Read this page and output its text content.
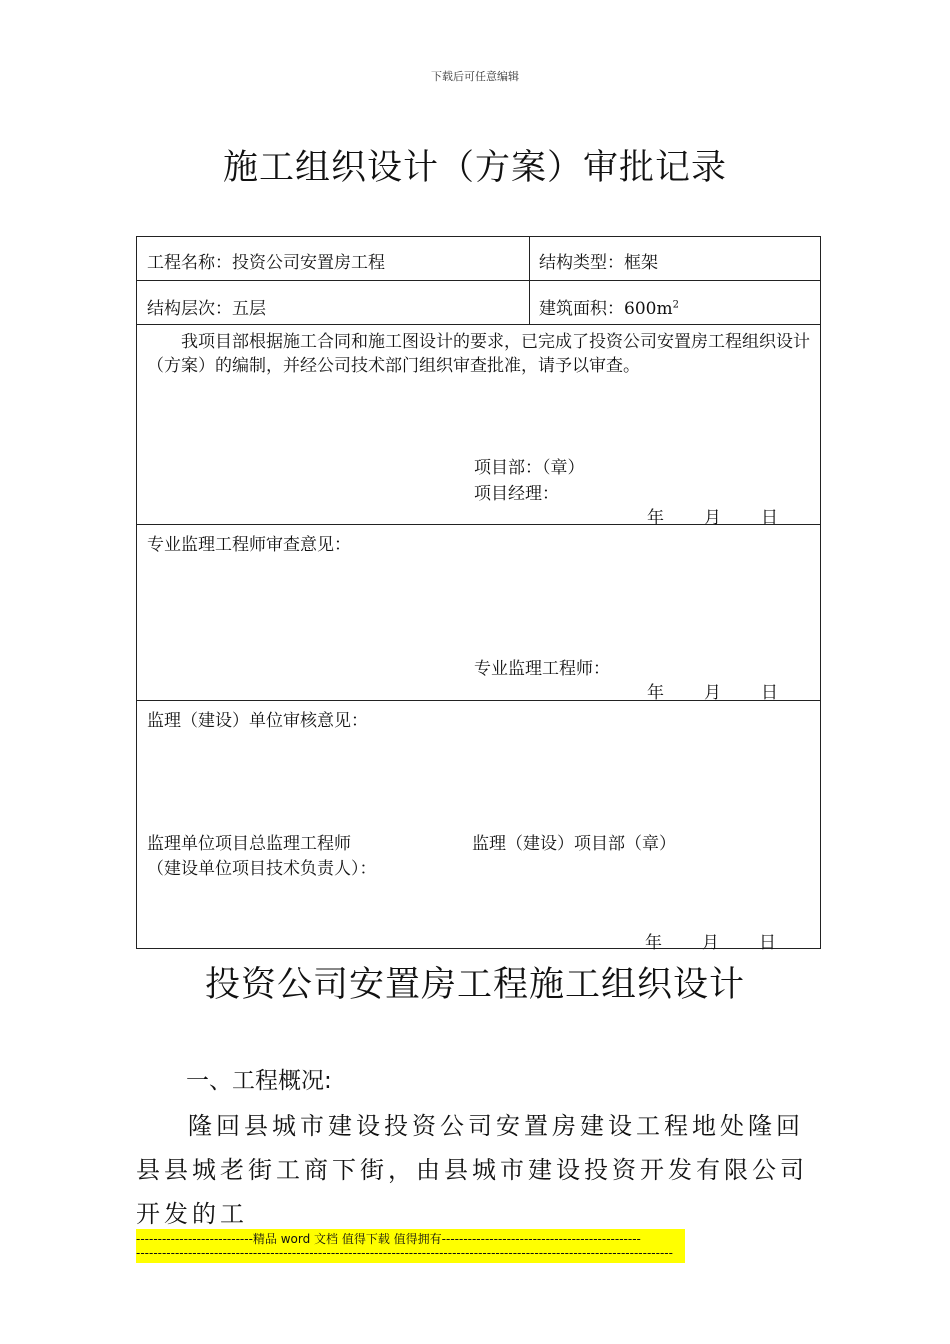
下载后可任意编辑
施工组织设计（方案）审批记录
工程名称：投资公司安置房工程	结构类型：框架
结构层次：五层	建筑面积：$600m^2$
我项目部根据施工合同和施工图设计的要求，已完成了投资公司安置房工程组织设计（方案）的编制，并经公司技术部门组织审查批准，请予以审查。
项目部：（章）
项目经理：
年 月 日
专业监理工程师审查意见：
专业监理工程师：
年 月 日
监理（建设）单位审核意见：
监理单位项目总监理工程师
（建设单位项目技术负责人）：
监理（建设）项目部（章）
年 月 日
投资公司安置房工程施工组织设计
一、工程概况:
隆回县城市建设投资公司安置房建设工程地处隆回县县城老街工商下街，由县城市建设投资开发有限公司开发的工
---------------------------精品 word 文档 值得下载 值得拥有----------------------------------------------
----------------------------------------------------------------------------------------------------------------------------
